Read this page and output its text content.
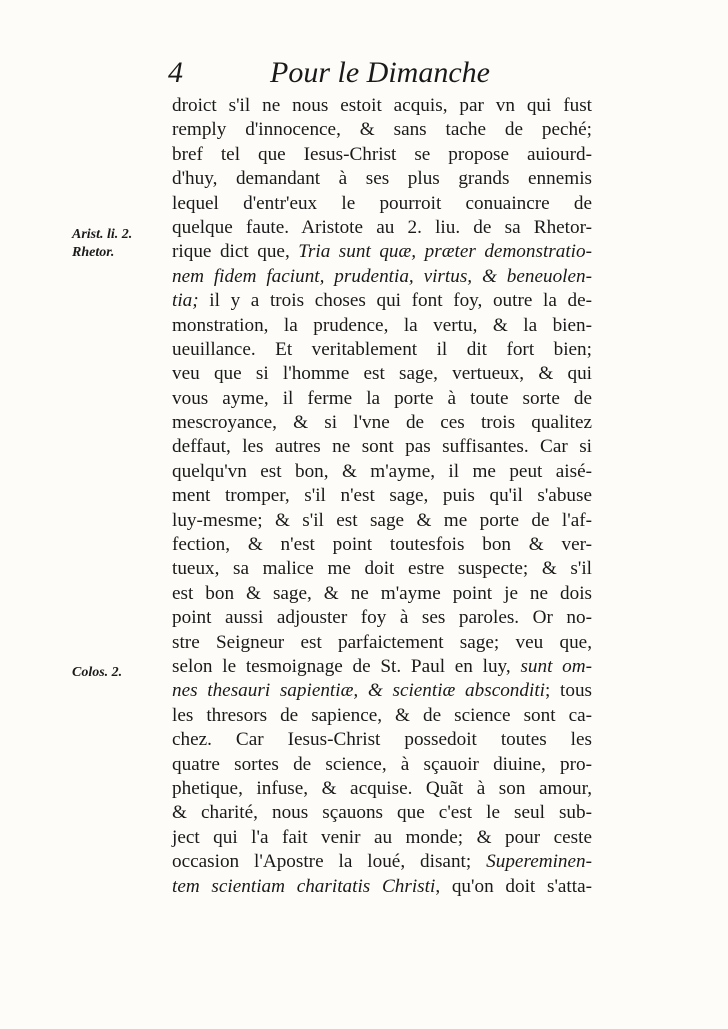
4	Pour le Dimanche
Arist. li. 2.
Rhetor.
Colos. 2.
droict s'il ne nous estoit acquis, par vn qui fust
remply d'innocence, & sans tache de peché;
bref tel que Iesus-Christ se propose auiourd-
d'huy, demandant à ses plus grands ennemis
lequel d'entr'eux le pourroit conuaincre de
quelque faute. Aristote au 2. liu. de sa Rhetor-
rique dict que, Tria sunt quæ, præter demonstratio-
nem fidem faciunt, prudentia, virtus, & beneuolen-
tia; il y a trois choses qui font foy, outre la de-
monstration, la prudence, la vertu, & la bien-
ueuillance. Et veritablement il dit fort bien;
veu que si l'homme est sage, vertueux, & qui
vous ayme, il ferme la porte à toute sorte de
mescroyance, & si l'vne de ces trois qualitez
deffaut, les autres ne sont pas suffisantes. Car si
quelqu'vn est bon, & m'ayme, il me peut aisé-
ment tromper, s'il n'est sage, puis qu'il s'abuse
luy-mesme; & s'il est sage & me porte de l'af-
fection, & n'est point toutesfois bon & ver-
tueux, sa malice me doit estre suspecte; & s'il
est bon & sage, & ne m'ayme point je ne dois
point aussi adjouster foy à ses paroles. Or no-
stre Seigneur est parfaictement sage; veu que,
selon le tesmoignage de St. Paul en luy, sunt om-
nes thesauri sapientiæ, & scientiæ absconditi; tous
les thresors de sapience, & de science sont ca-
chez. Car Iesus-Christ possedoit toutes les
quatre sortes de science, à sçauoir diuine, pro-
phetique, infuse, & acquise. Quãt à son amour,
& charité, nous sçauons que c'est le seul sub-
ject qui l'a fait venir au monde; & pour ceste
occasion l'Apostre la loué, disant; Supereminen-
tem scientiam charitatis Christi, qu'on doit s'atta-
